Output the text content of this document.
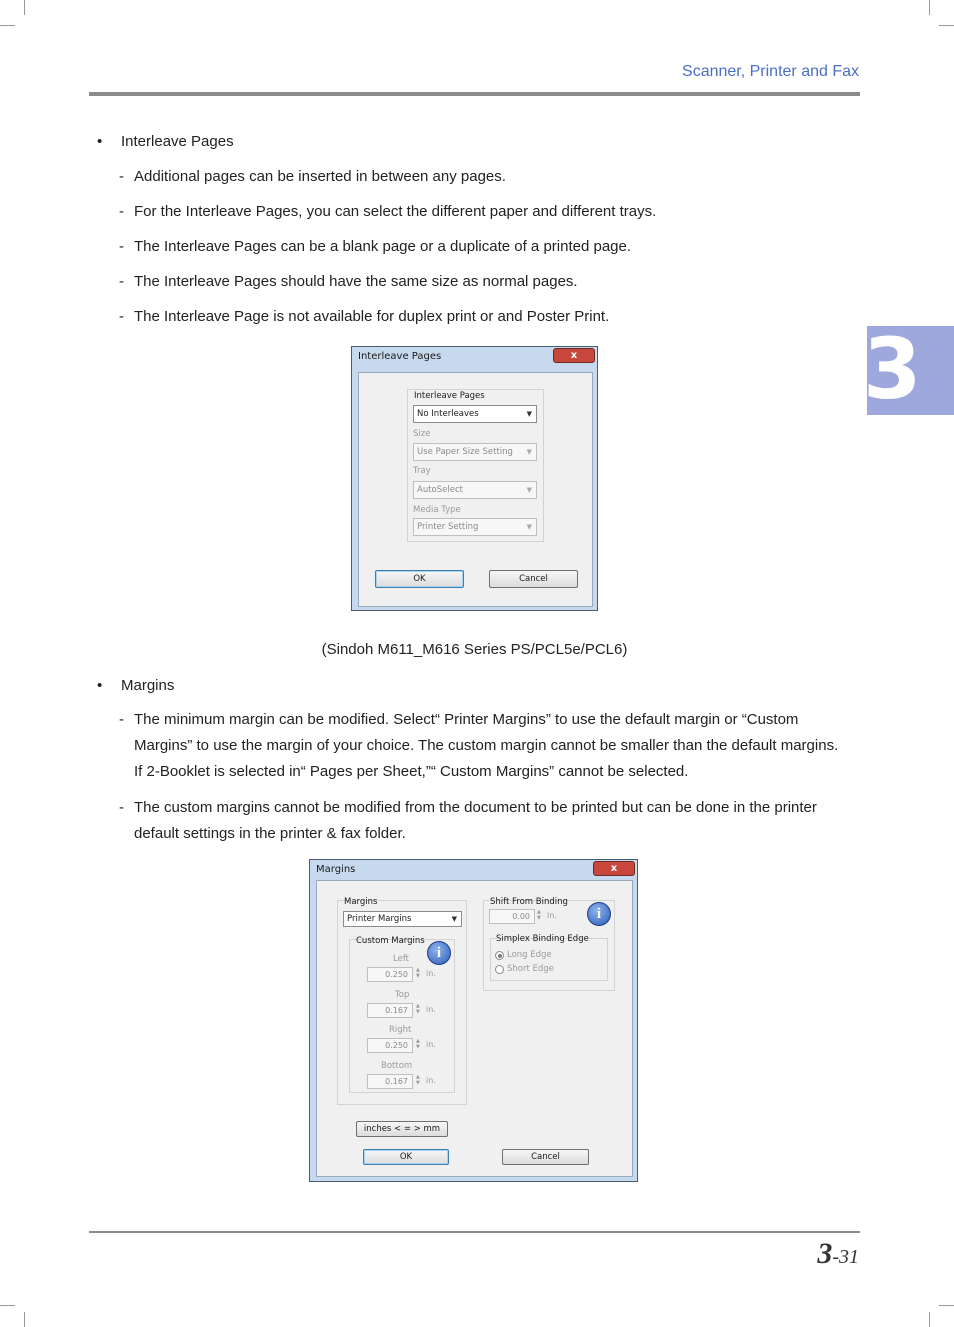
Scanner, Printer and Fax
3
• Interleave Pages
- Additional pages can be inserted in between any pages.
- For the Interleave Pages, you can select the different paper and different trays.
- The Interleave Pages can be a blank page or a duplicate of a printed page.
- The Interleave Pages should have the same size as normal pages.
- The Interleave Page is not available for duplex print or and Poster Print.
Interleave Pages	x
Interleave Pages
No Interleaves	▼
Size
Use Paper Size Setting ▼
Tray
AutoSelect	▼
Media Type
Printer Setting	▼
OK	Cancel
(Sindoh M611_M616 Series PS/PCL5e/PCL6)
• Margins
- The minimum margin can be modified. Select“ Printer Margins” to use the default margin or “Custom Margins” to use the margin of your choice. The custom margin cannot be smaller than the default margins. If 2-Booklet is selected in“ Pages per Sheet,”“ Custom Margins” cannot be selected.
- The custom margins cannot be modified from the document to be printed but can be done in the printer default settings in the printer & fax folder.
Margins	x
Margins
Printer Margins	▼
Custom Margins
i
Left
0.250	▲
▼ in.
Top
0.167	▲
▼ in.
Right
0.250	▲
▼ in.
Bottom
0.167	▲
▼ in.
Shift From Binding
0.00	▲
▼ in.	i
Simplex Binding Edge
Long Edge
Short Edge
inches < = > mm
OK	Cancel
3-31
